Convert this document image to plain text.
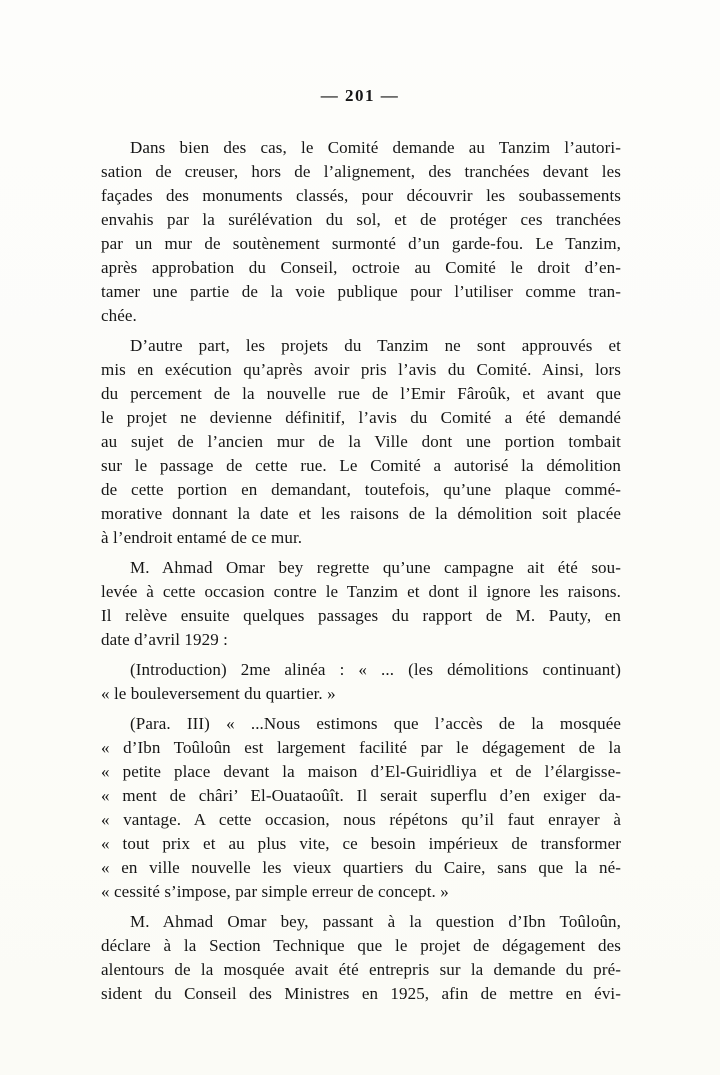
— 201 —
Dans bien des cas, le Comité demande au Tanzim l’autori-
sation de creuser, hors de l’alignement, des tranchées devant les
façades des monuments classés, pour découvrir les soubassements
envahis par la surélévation du sol, et de protéger ces tranchées
par un mur de soutènement surmonté d’un garde-fou. Le Tanzim,
après approbation du Conseil, octroie au Comité le droit d’en-
tamer une partie de la voie publique pour l’utiliser comme tran-
chée.
D’autre part, les projets du Tanzim ne sont approuvés et
mis en exécution qu’après avoir pris l’avis du Comité. Ainsi, lors
du percement de la nouvelle rue de l’Emir Fâroûk, et avant que
le projet ne devienne définitif, l’avis du Comité a été demandé
au sujet de l’ancien mur de la Ville dont une portion tombait
sur le passage de cette rue. Le Comité a autorisé la démolition
de cette portion en demandant, toutefois, qu’une plaque commé-
morative donnant la date et les raisons de la démolition soit placée
à l’endroit entamé de ce mur.
M. Ahmad Omar bey regrette qu’une campagne ait été sou-
levée à cette occasion contre le Tanzim et dont il ignore les raisons.
Il relève ensuite quelques passages du rapport de M. Pauty, en
date d’avril 1929 :
(Introduction) 2me alinéa : « ... (les démolitions continuant)
« le bouleversement du quartier. »
(Para. III) « ...Nous estimons que l’accès de la mosquée
« d’Ibn Toûloûn est largement facilité par le dégagement de la
« petite place devant la maison d’El-Guiridliya et de l’élargisse-
« ment de châri’ El-Ouataoûît. Il serait superflu d’en exiger da-
« vantage. A cette occasion, nous répétons qu’il faut enrayer à
« tout prix et au plus vite, ce besoin impérieux de transformer
« en ville nouvelle les vieux quartiers du Caire, sans que la né-
« cessité s’impose, par simple erreur de concept. »
M. Ahmad Omar bey, passant à la question d’Ibn Toûloûn,
déclare à la Section Technique que le projet de dégagement des
alentours de la mosquée avait été entrepris sur la demande du pré-
sident du Conseil des Ministres en 1925, afin de mettre en évi-
